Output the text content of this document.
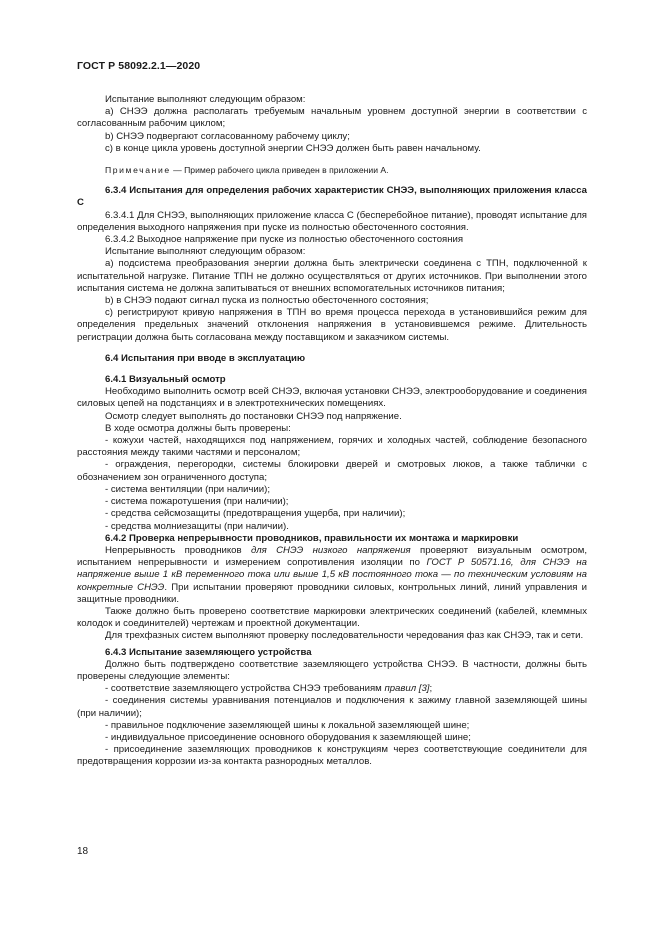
ГОСТ Р 58092.2.1—2020

Испытание выполняют следующим образом:

а) СНЭЭ должна располагать требуемым начальным уровнем доступной энергии в соответствии с согласованным рабочим циклом;

b) СНЭЭ подвергают согласованному рабочему циклу;

с) в конце цикла уровень доступной энергии СНЭЭ должен быть равен начальному.

Примечание — Пример рабочего цикла приведен в приложении А.

6.3.4 Испытания для определения рабочих характеристик СНЭЭ, выполняющих приложения класса С

6.3.4.1 Для СНЭЭ, выполняющих приложение класса С (бесперебойное питание), проводят испытание для определения выходного напряжения при пуске из полностью обесточенного состояния.

6.3.4.2 Выходное напряжение при пуске из полностью обесточенного состояния

Испытание выполняют следующим образом:

а) подсистема преобразования энергии должна быть электрически соединена с ТПН, подключенной к испытательной нагрузке. Питание ТПН не должно осуществляться от других источников. При выполнении этого испытания система не должна запитываться от внешних вспомогательных источников питания;

b) в СНЭЭ подают сигнал пуска из полностью обесточенного состояния;

с) регистрируют кривую напряжения в ТПН во время процесса перехода в установившийся режим для определения предельных значений отклонения напряжения в установившемся режиме. Длительность регистрации должна быть согласована между поставщиком и заказчиком системы.

6.4 Испытания при вводе в эксплуатацию

6.4.1 Визуальный осмотр

Необходимо выполнить осмотр всей СНЭЭ, включая установки СНЭЭ, электрооборудование и соединения силовых цепей на подстанциях и в электротехнических помещениях.

Осмотр следует выполнять до постановки СНЭЭ под напряжение.

В ходе осмотра должны быть проверены:

- кожухи частей, находящихся под напряжением, горячих и холодных частей, соблюдение безопасного расстояния между такими частями и персоналом;

- ограждения, перегородки, системы блокировки дверей и смотровых люков, а также таблички с обозначением зон ограниченного доступа;

- система вентиляции (при наличии);

- система пожаротушения (при наличии);

- средства сейсмозащиты (предотвращения ущерба, при наличии);

- средства молниезащиты (при наличии).

6.4.2 Проверка непрерывности проводников, правильности их монтажа и маркировки

Непрерывность проводников для СНЭЭ низкого напряжения проверяют визуальным осмотром, испытанием непрерывности и измерением сопротивления изоляции по ГОСТ Р 50571.16, для СНЭЭ на напряжение выше 1 кВ переменного тока или выше 1,5 кВ постоянного тока — по техническим условиям на конкретные СНЭЭ. При испытании проверяют проводники силовых, контрольных линий, линий управления и защитные проводники.

Также должно быть проверено соответствие маркировки электрических соединений (кабелей, клеммных колодок и соединителей) чертежам и проектной документации.

Для трехфазных систем выполняют проверку последовательности чередования фаз как СНЭЭ, так и сети.

6.4.3 Испытание заземляющего устройства

Должно быть подтверждено соответствие заземляющего устройства СНЭЭ. В частности, должны быть проверены следующие элементы:

- соответствие заземляющего устройства СНЭЭ требованиям правил [3];

- соединения системы уравнивания потенциалов и подключения к зажиму главной заземляющей шины (при наличии);

- правильное подключение заземляющей шины к локальной заземляющей шине;

- индивидуальное присоединение основного оборудования к заземляющей шине;

- присоединение заземляющих проводников к конструкциям через соответствующие соединители для предотвращения коррозии из-за контакта разнородных металлов.

18
